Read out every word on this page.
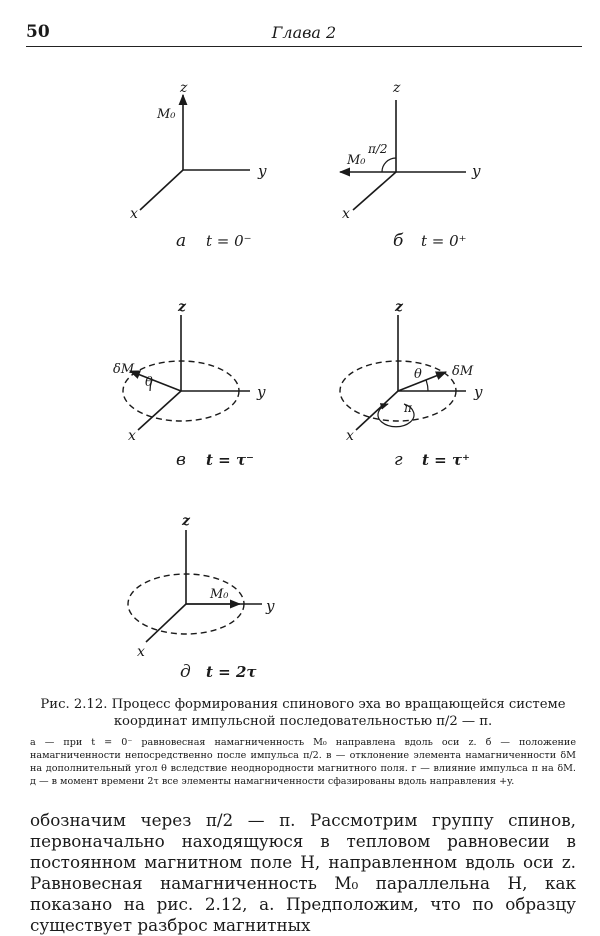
50	Глава 2
z
M₀
y
x
а t = 0⁻
z
π/2
M₀
y
x
б t = 0⁺
z
δM
θ
y
x
в t = τ⁻
z
θ δM
π
y
x
г t = τ⁺
z
M₀
y
x
д t = 2τ
Рис. 2.12. Процесс формирования спинового эха во вращающейся системе координат импульсной последовательностью π/2 — π.
а — при t = 0⁻ равновесная намагниченность M₀ направлена вдоль оси z. б — положение намагниченности непосредственно после импульса π/2. в — отклонение элемента намагниченности δM на дополнительный угол θ вследствие неоднородности магнитного поля. г — влияние импульса π на δM. д — в момент времени 2τ все элементы намагниченности сфазированы вдоль направления +y.
обозначим через π/2 — π. Рассмотрим группу спинов, первоначально находящуюся в тепловом равновесии в постоянном магнитном поле H, направленном вдоль оси z. Равновесная намагниченность M₀ параллельна H, как показано на рис. 2.12, а. Предположим, что по образцу существует разброс магнитных
